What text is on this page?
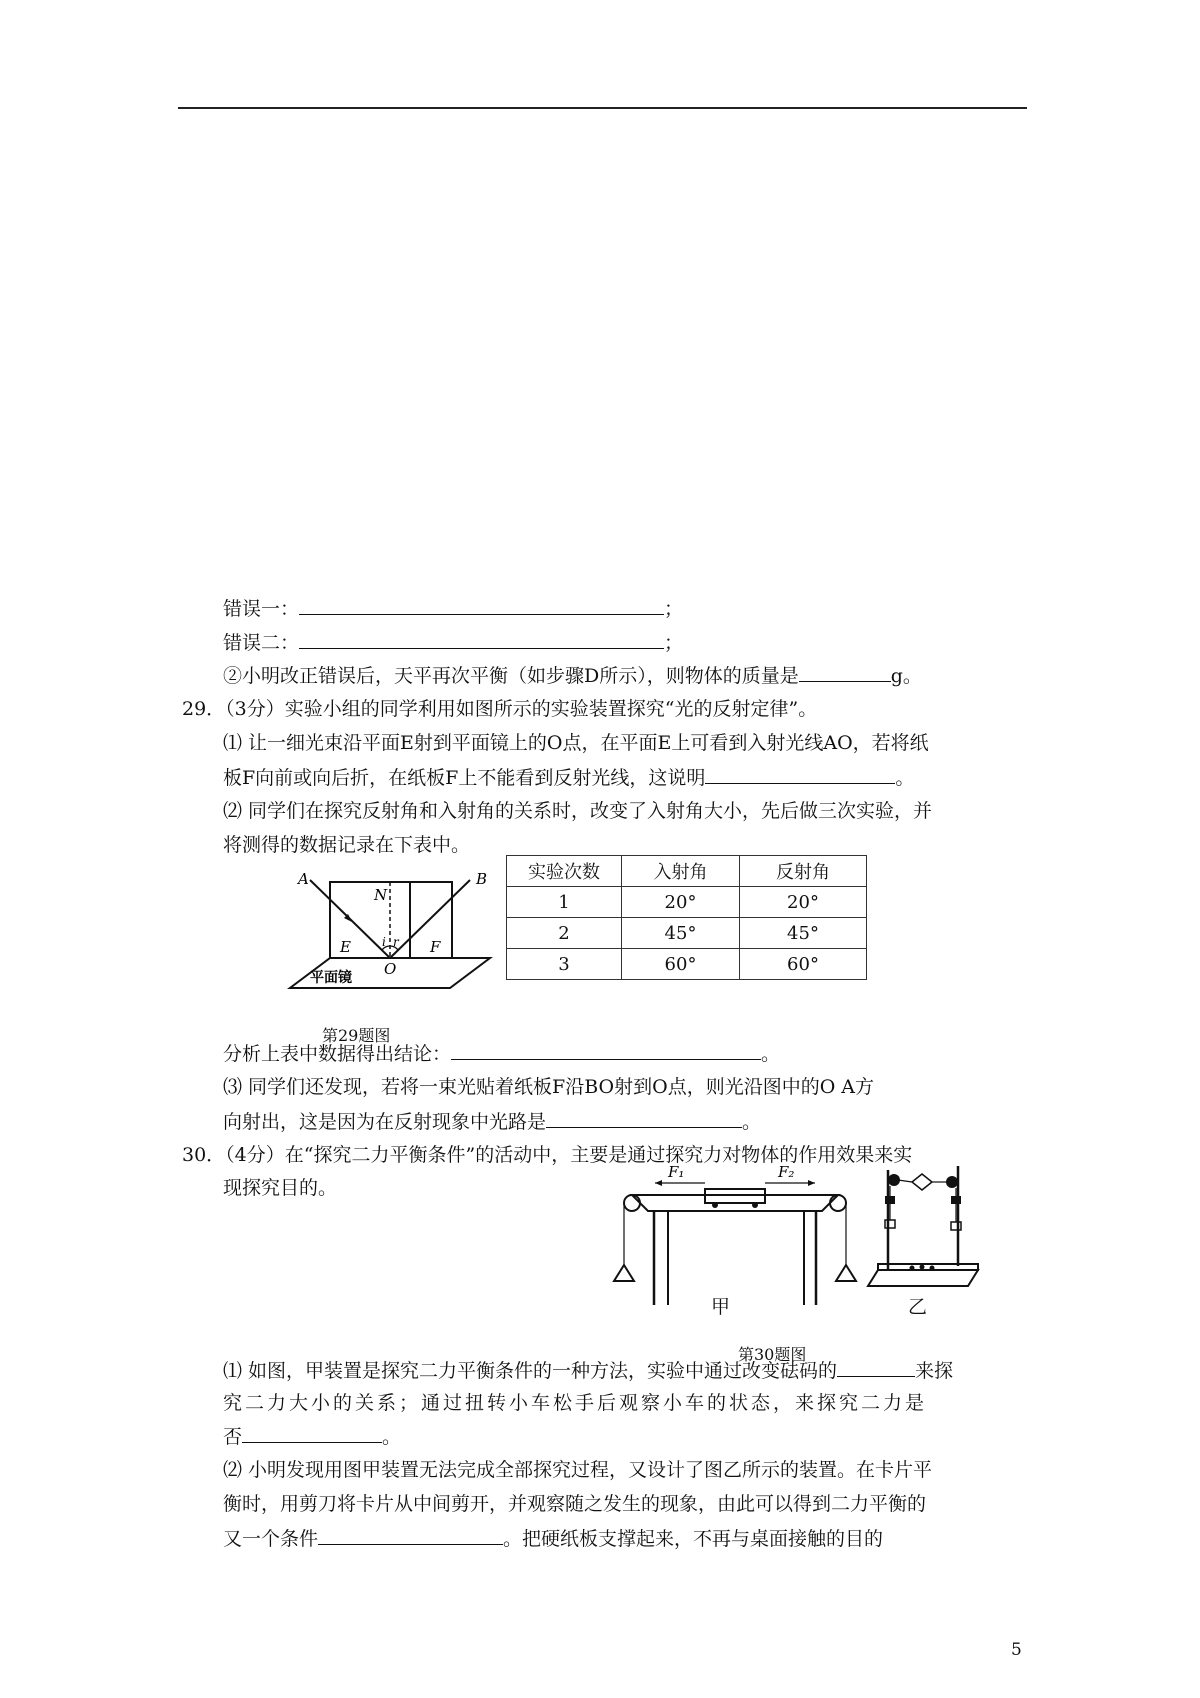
错误一：	；
错误二：	；
②小明改正错误后，天平再次平衡（如步骤D所示），则物体的质量是	g。
29．（3分）实验小组的同学利用如图所示的实验装置探究“光的反射定律”。
⑴ 让一细光束沿平面E射到平面镜上的O点，在平面E上可看到入射光线AO，若将纸
板F向前或向后折，在纸板F上不能看到反射光线，这说明	。
⑵ 同学们在探究反射角和入射角的关系时，改变了入射角大小，先后做三次实验，并
将测得的数据记录在下表中。
A	B
N
E	F
O
i r
平面镜
第29题图
实验次数	入射角	反射角
1	20°	20°
2	45°	45°
3	60°	60°
分析上表中数据得出结论：	。
⑶ 同学们还发现，若将一束光贴着纸板F沿BO射到O点，则光沿图中的O A方
向射出，这是因为在反射现象中光路是	。
30．（4分）在“探究二力平衡条件”的活动中，主要是通过探究力对物体的作用效果来实
现探究目的。
F₁	F₂
甲	乙
第30题图
⑴ 如图，甲装置是探究二力平衡条件的一种方法，实验中通过改变砝码的	来探
究二力大小的关系；通过扭转小车松手后观察小车的状态，来探究二力是
否	。
⑵ 小明发现用图甲装置无法完成全部探究过程，又设计了图乙所示的装置。在卡片平
衡时，用剪刀将卡片从中间剪开，并观察随之发生的现象，由此可以得到二力平衡的
又一个条件	。把硬纸板支撑起来，不再与桌面接触的目的
5
